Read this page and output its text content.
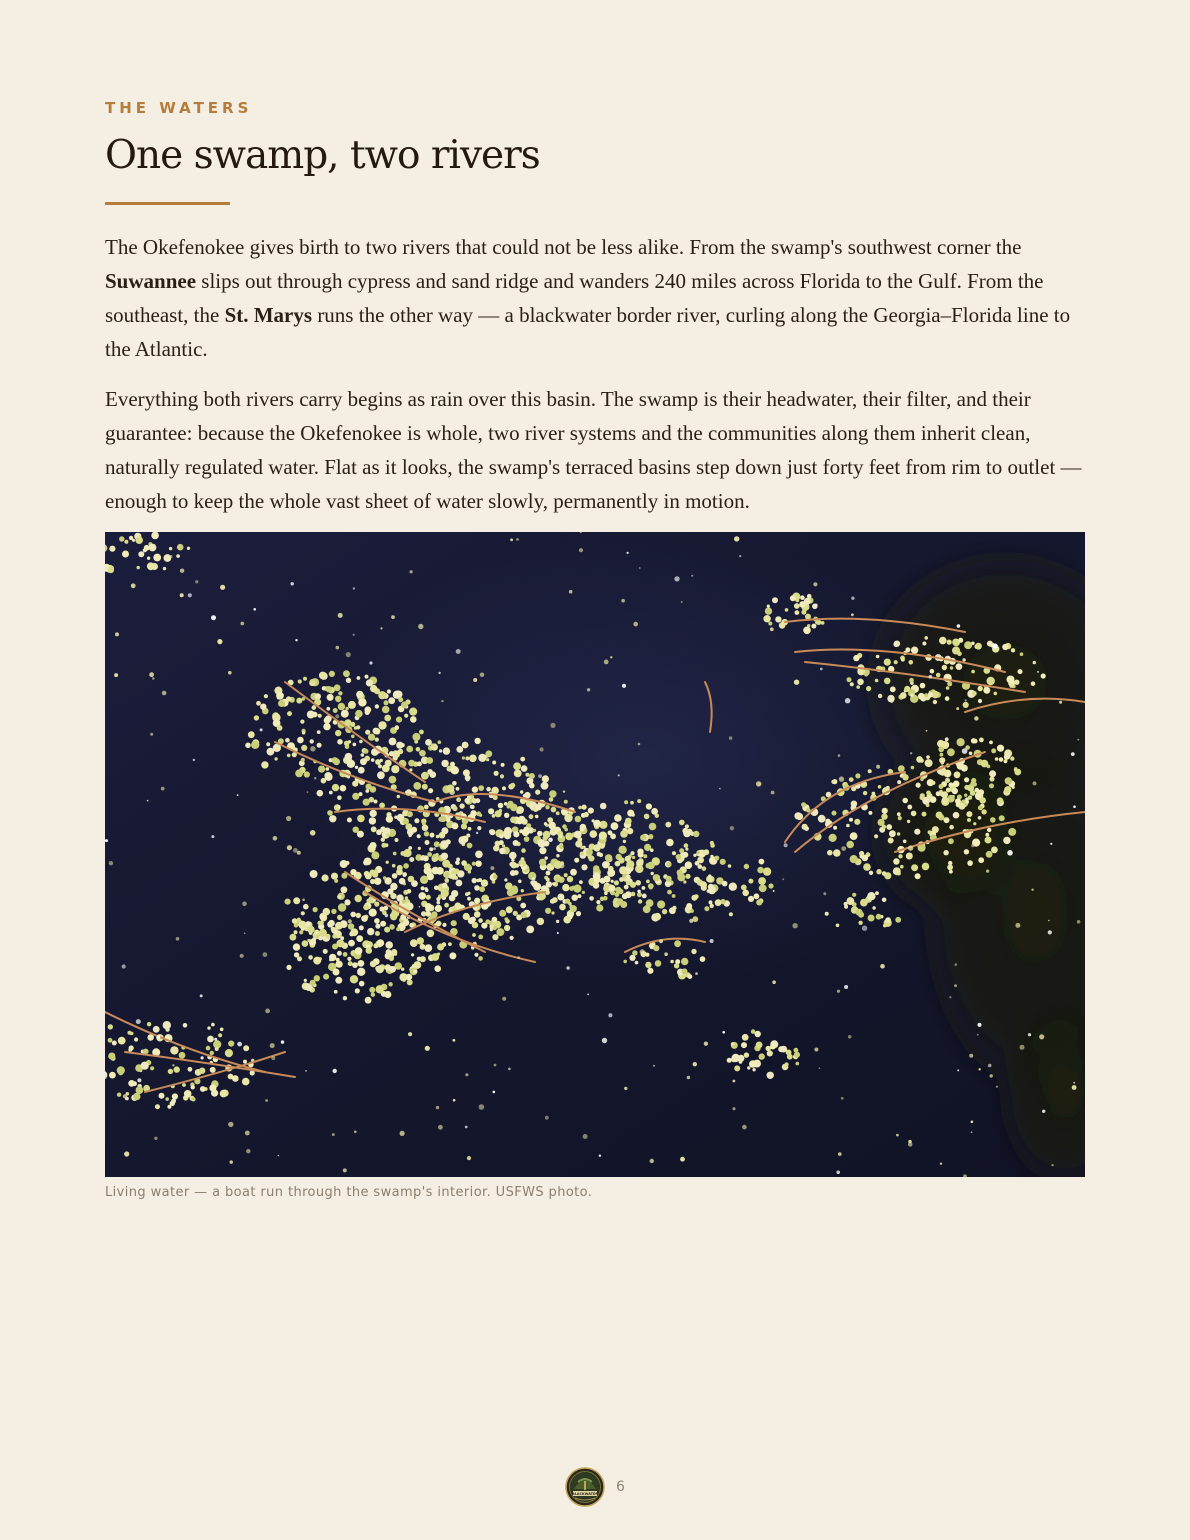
THE WATERS
One swamp, two rivers

The Okefenokee gives birth to two rivers that could not be less alike. From the swamp's southwest corner the Suwannee slips out through cypress and sand ridge and wanders 240 miles across Florida to the Gulf. From the southeast, the St. Marys runs the other way — a blackwater border river, curling along the Georgia–Florida line to the Atlantic.

Everything both rivers carry begins as rain over this basin. The swamp is their headwater, their filter, and their guarantee: because the Okefenokee is whole, two river systems and the communities along them inherit clean, naturally regulated water. Flat as it looks, the swamp's terraced basins step down just forty feet from rim to outlet — enough to keep the whole vast sheet of water slowly, permanently in motion.

Living water — a boat run through the swamp's interior. USFWS photo.

BLACKWATER 6
